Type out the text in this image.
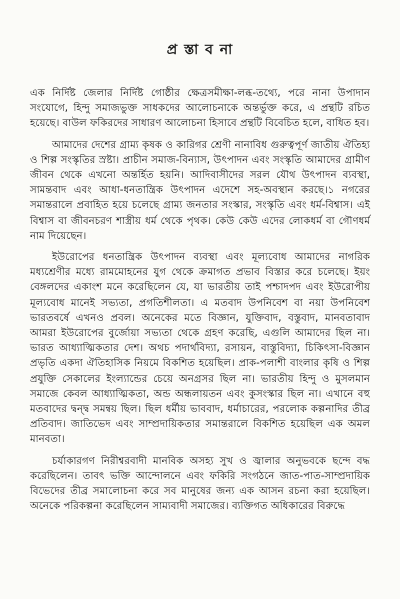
প্র স্তা ব না

এক নির্দিষ্ট জেলার নির্দিষ্ট গোষ্ঠীর ক্ষেত্রসমীক্ষা-লব্ধ-তথ্যে, পরে নানা উপাদান সংযোগে, হিন্দু সমাজভুক্ত সাধকদের আলোচনাকে অন্তর্ভুক্ত করে, এ প্রন্থটি রচিত হয়েছে। বাউল ফকিরদের সাধারণ আলোচনা হিসাবে প্রন্থটি বিবেচিত হলে, বাধিত হব।

আমাদের দেশের গ্রাম্য কৃষক ও কারিগর শ্রেণী নানাবিধ গুরুত্বপূর্ণ জাতীয় ঐতিহ্য ও শিল্প সংস্কৃতির স্রষ্টা। প্রাচীন সমাজ-বিন্যাস, উৎপাদন এবং সংস্কৃতি আমাদের গ্রামীণ জীবন থেকে এখনো অন্তর্হিত হয়নি। আদিবাসীদের সরল যৌথ উৎপাদন ব্যবস্থা, সামন্তবাদ এবং আধা-ধনতান্ত্রিক উৎপাদন এদেশে সহ-অবস্থান করছে।১ নগরের সমান্তরালে প্রবাহিত হয়ে চলেছে গ্রাম্য জনতার সংস্কার, সংস্কৃতি এবং ধর্ম-বিশ্বাস। এই বিশ্বাস বা জীবনচরণ শাস্ত্রীয় ধর্ম থেকে পৃথক। কেউ কেউ এদের লোকধর্ম বা গৌণধর্ম নাম দিয়েছেন।

ইউরোপের ধনতান্ত্রিক উৎপাদন ব্যবস্থা এবং মূল্যবোধ আমাদের নাগরিক মধ্যশ্রেণীর মধ্যে রামমোহনের যুগ থেকে ক্রমাগত প্রভাব বিস্তার করে চলেছে। ইয়ং বেঙ্গলদের একাংশ মনে করেছিলেন যে, যা ভারতীয় তাই পশ্চাদপদ এবং ইউরোপীয় মূল্যবোধ মানেই সভ্যতা, প্রগতিশীলতা। এ মতবাদ উপনিবেশ বা নয়া উপনিবেশ ভারতবর্ষে এখনও প্রবল। অনেকের মতে বিজ্ঞান, যুক্তিবাদ, বস্তুবাদ, মানবতাবাদ আমরা ইউরোপের বুর্জোয়া সভ্যতা থেকে গ্রহণ করেছি, এগুলি আমাদের ছিল না। ভারত আধ্যাত্মিকতার দেশ। অথচ পদার্থবিদ্যা, রসায়ন, বাস্তুবিদ্যা, চিকিৎসা-বিজ্ঞান প্রভৃতি একদা ঐতিহাসিক নিয়মে বিকশিত হয়েছিল। প্রাক-পলাশী বাংলার কৃষি ও শিল্প প্রযুক্তি সেকালের ইংল্যান্ডের চেয়ে অনগ্রসর ছিল না। ভারতীয় হিন্দু ও মুসলমান সমাজে কেবল আধ্যাত্মিকতা, অন্ড অন্ধলায়তন এবং কুসংস্কার ছিল না। এখানে বহু মতবাদের দ্বন্দ্ব সমন্বয় ছিল। ছিল ধর্মীয় ভাববাদ, ধর্মাচারের, পরলোক কল্পনাদির তীব্র প্রতিবাদ। জাতিভেদ এবং সাম্প্রদায়িকতার সমান্তরালে বিকশিত হয়েছিল এক অমল মানবতা।

চর্যাকারগণ নিরীশ্বরবাদী মানবিক অসহ্য সুখ ও জ্বালার অনুভবকে ছন্দে বদ্ধ করেছিলেন। তাবৎ ভক্তি আন্দোলনে এবং ফকিরি সংগঠনে জাত-পাত-সাম্প্রদায়িক বিভেদের তীব্র সমালোচনা করে সব মানুষের জন্য এক আসন রচনা করা হয়েছিল। অনেকে পরিকল্পনা করেছিলেন সাম্যবাদী সমাজের। ব্যক্তিগত অধিকারের বিরুদ্ধে
